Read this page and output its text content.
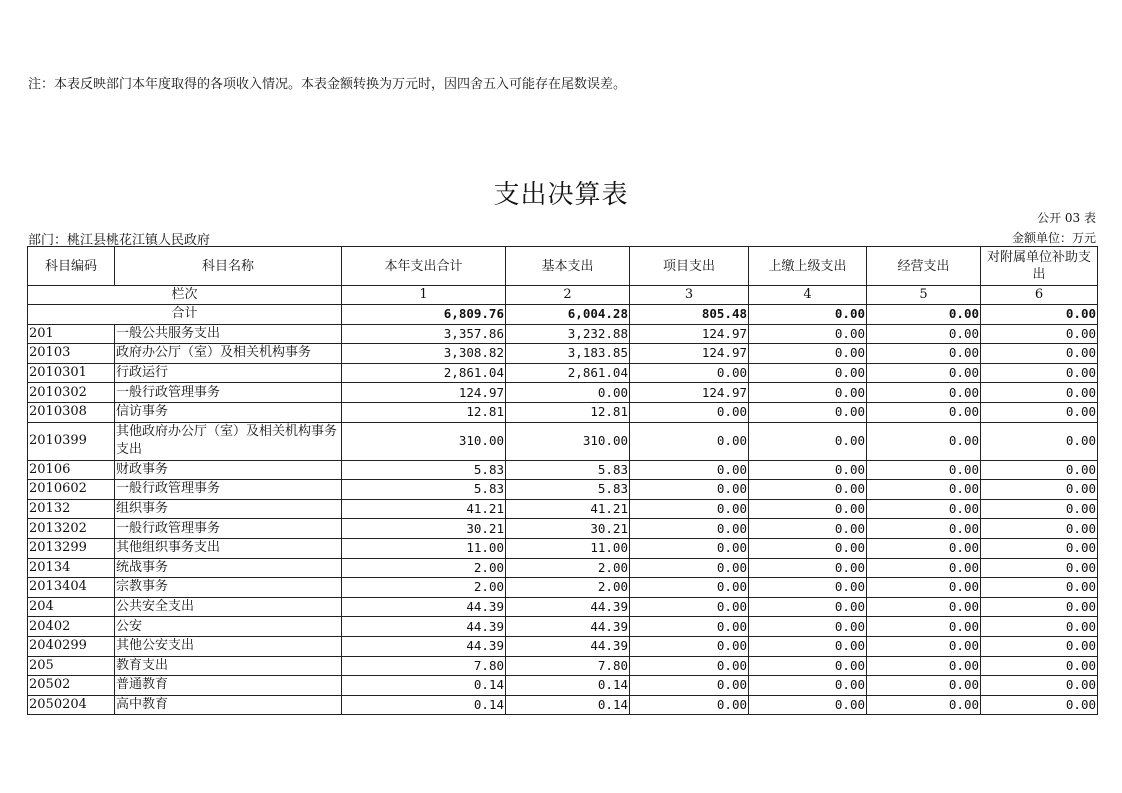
注：本表反映部门本年度取得的各项收入情况。本表金额转换为万元时，因四舍五入可能存在尾数误差。
支出决算表
公开 03 表
部门：桃江县桃花江镇人民政府	金额单位：万元
科目编码	科目名称	本年支出合计	基本支出	项目支出	上缴上级支出	经营支出	对附属单位补助支出
栏次		1	2	3	4	5	6
合计		6,809.76	6,004.28	805.48	0.00	0.00	0.00
201	一般公共服务支出	3,357.86	3,232.88	124.97	0.00	0.00	0.00
20103	政府办公厅（室）及相关机构事务	3,308.82	3,183.85	124.97	0.00	0.00	0.00
2010301	行政运行	2,861.04	2,861.04	0.00	0.00	0.00	0.00
2010302	一般行政管理事务	124.97	0.00	124.97	0.00	0.00	0.00
2010308	信访事务	12.81	12.81	0.00	0.00	0.00	0.00
2010399	其他政府办公厅（室）及相关机构事务支出	310.00	310.00	0.00	0.00	0.00	0.00
20106	财政事务	5.83	5.83	0.00	0.00	0.00	0.00
2010602	一般行政管理事务	5.83	5.83	0.00	0.00	0.00	0.00
20132	组织事务	41.21	41.21	0.00	0.00	0.00	0.00
2013202	一般行政管理事务	30.21	30.21	0.00	0.00	0.00	0.00
2013299	其他组织事务支出	11.00	11.00	0.00	0.00	0.00	0.00
20134	统战事务	2.00	2.00	0.00	0.00	0.00	0.00
2013404	宗教事务	2.00	2.00	0.00	0.00	0.00	0.00
204	公共安全支出	44.39	44.39	0.00	0.00	0.00	0.00
20402	公安	44.39	44.39	0.00	0.00	0.00	0.00
2040299	其他公安支出	44.39	44.39	0.00	0.00	0.00	0.00
205	教育支出	7.80	7.80	0.00	0.00	0.00	0.00
20502	普通教育	0.14	0.14	0.00	0.00	0.00	0.00
2050204	高中教育	0.14	0.14	0.00	0.00	0.00	0.00
